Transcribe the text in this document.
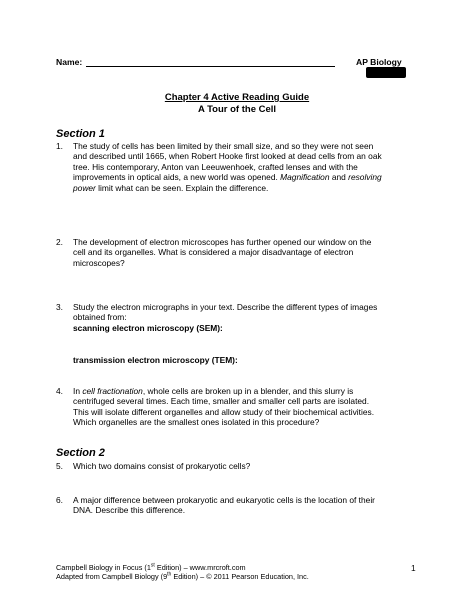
Name:	AP Biology
Chapter 4 Active Reading Guide
A Tour of the Cell
Section 1
1.	The study of cells has been limited by their small size, and so they were not seen
and described until 1665, when Robert Hooke first looked at dead cells from an oak
tree. His contemporary, Anton van Leeuwenhoek, crafted lenses and with the
improvements in optical aids, a new world was opened. Magnification and resolving
power limit what can be seen. Explain the difference.
2.	The development of electron microscopes has further opened our window on the
cell and its organelles. What is considered a major disadvantage of electron
microscopes?
3.	Study the electron micrographs in your text. Describe the different types of images
obtained from:
scanning electron microscopy (SEM):
transmission electron microscopy (TEM):
4.	In cell fractionation, whole cells are broken up in a blender, and this slurry is
centrifuged several times. Each time, smaller and smaller cell parts are isolated.
This will isolate different organelles and allow study of their biochemical activities.
Which organelles are the smallest ones isolated in this procedure?
Section 2
5.	Which two domains consist of prokaryotic cells?
6.	A major difference between prokaryotic and eukaryotic cells is the location of their
DNA. Describe this difference.
Campbell Biology in Focus (1st Edition) – www.mrcroft.com
Adapted from Campbell Biology (9th Edition) – © 2011 Pearson Education, Inc.
1
